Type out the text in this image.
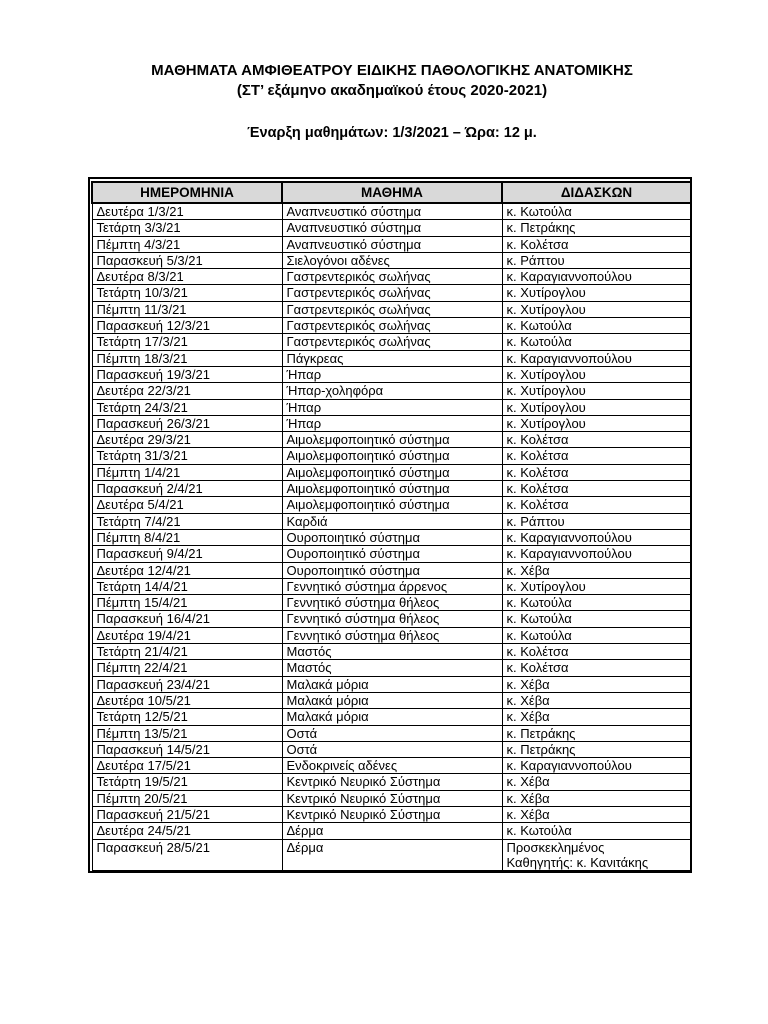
ΜΑΘΗΜΑΤΑ ΑΜΦΙΘΕΑΤΡΟΥ ΕΙΔΙΚΗΣ ΠΑΘΟΛΟΓΙΚΗΣ ΑΝΑΤΟΜΙΚΗΣ
(ΣΤ’ εξάμηνο ακαδημαϊκού έτους 2020-2021)
Έναρξη μαθημάτων: 1/3/2021 – Ώρα: 12 μ.
ΗΜΕΡΟΜΗΝΙΑ	ΜΑΘΗΜΑ	ΔΙΔΑΣΚΩΝ
Δευτέρα 1/3/21	Αναπνευστικό σύστημα	κ. Κωτούλα
Τετάρτη 3/3/21	Αναπνευστικό σύστημα	κ. Πετράκης
Πέμπτη 4/3/21	Αναπνευστικό σύστημα	κ. Κολέτσα
Παρασκευή 5/3/21	Σιελογόνοι αδένες	κ. Ράπτου
Δευτέρα 8/3/21	Γαστρεντερικός σωλήνας	κ. Καραγιαννοπούλου
Τετάρτη 10/3/21	Γαστρεντερικός σωλήνας	κ. Χυτίρογλου
Πέμπτη 11/3/21	Γαστρεντερικός σωλήνας	κ. Χυτίρογλου
Παρασκευή 12/3/21	Γαστρεντερικός σωλήνας	κ. Κωτούλα
Τετάρτη 17/3/21	Γαστρεντερικός σωλήνας	κ. Κωτούλα
Πέμπτη 18/3/21	Πάγκρεας	κ. Καραγιαννοπούλου
Παρασκευή 19/3/21	Ήπαρ	κ. Χυτίρογλου
Δευτέρα 22/3/21	Ήπαρ-χοληφόρα	κ. Χυτίρογλου
Τετάρτη 24/3/21	Ήπαρ	κ. Χυτίρογλου
Παρασκευή 26/3/21	Ήπαρ	κ. Χυτίρογλου
Δευτέρα 29/3/21	Αιμολεμφοποιητικό σύστημα	κ. Κολέτσα
Τετάρτη 31/3/21	Αιμολεμφοποιητικό σύστημα	κ. Κολέτσα
Πέμπτη 1/4/21	Αιμολεμφοποιητικό σύστημα	κ. Κολέτσα
Παρασκευή 2/4/21	Αιμολεμφοποιητικό σύστημα	κ. Κολέτσα
Δευτέρα 5/4/21	Αιμολεμφοποιητικό σύστημα	κ. Κολέτσα
Τετάρτη 7/4/21	Καρδιά	κ. Ράπτου
Πέμπτη 8/4/21	Ουροποιητικό σύστημα	κ. Καραγιαννοπούλου
Παρασκευή 9/4/21	Ουροποιητικό σύστημα	κ. Καραγιαννοπούλου
Δευτέρα 12/4/21	Ουροποιητικό σύστημα	κ. Χέβα
Τετάρτη 14/4/21	Γεννητικό σύστημα άρρενος	κ. Χυτίρογλου
Πέμπτη 15/4/21	Γεννητικό σύστημα θήλεος	κ. Κωτούλα
Παρασκευή 16/4/21	Γεννητικό σύστημα θήλεος	κ. Κωτούλα
Δευτέρα 19/4/21	Γεννητικό σύστημα θήλεος	κ. Κωτούλα
Τετάρτη 21/4/21	Μαστός	κ. Κολέτσα
Πέμπτη 22/4/21	Μαστός	κ. Κολέτσα
Παρασκευή 23/4/21	Μαλακά μόρια	κ. Χέβα
Δευτέρα 10/5/21	Μαλακά μόρια	κ. Χέβα
Τετάρτη 12/5/21	Μαλακά μόρια	κ. Χέβα
Πέμπτη 13/5/21	Οστά	κ. Πετράκης
Παρασκευή 14/5/21	Οστά	κ. Πετράκης
Δευτέρα 17/5/21	Ενδοκρινείς αδένες	κ. Καραγιαννοπούλου
Τετάρτη 19/5/21	Κεντρικό Νευρικό Σύστημα	κ. Χέβα
Πέμπτη 20/5/21	Κεντρικό Νευρικό Σύστημα	κ. Χέβα
Παρασκευή 21/5/21	Κεντρικό Νευρικό Σύστημα	κ. Χέβα
Δευτέρα 24/5/21	Δέρμα	κ. Κωτούλα
Παρασκευή 28/5/21	Δέρμα	Προσκεκλημένος
Καθηγητής: κ. Κανιτάκης
